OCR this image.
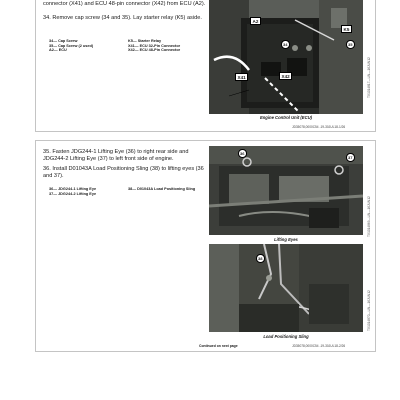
connector (X41) and ECU 48-pin connector (X42) from ECU (A2).
34. Remove cap screw (34 and 35). Lay starter relay (K5) aside.
34— Cap Screw
35— Cap Screw (2 used)
A2— ECU
K5— Starter Relay
X41— ECU 32-Pin Connector
X42— ECU 48-Pin Connector
A2
K5
34	35
X41	X42
Engine Control Unit (ECU)
TX1014817—UN—16JUN12
JD35078,0000C54 -19-30JUL18-1/26
35. Fasten JDG244-1 Lifting Eye (36) to right rear side and JDG244-2 Lifting Eye (37) to left front side of engine.
36. Install D01043A Load Positioning Sling (38) to lifting eyes (36 and 37).
36— JDG244-1 Lifting Eye
37— JDG244-2 Lifting Eye
38— D01043A Load Positioning Sling
36
37
Lifting Eyes
TX1014869—UN—16JUN12
38
Load Positioning Sling
TX1014870—UN—16JUN12
Continued on next page	JD35078,0000C54 -19-30JUL18-2/26
